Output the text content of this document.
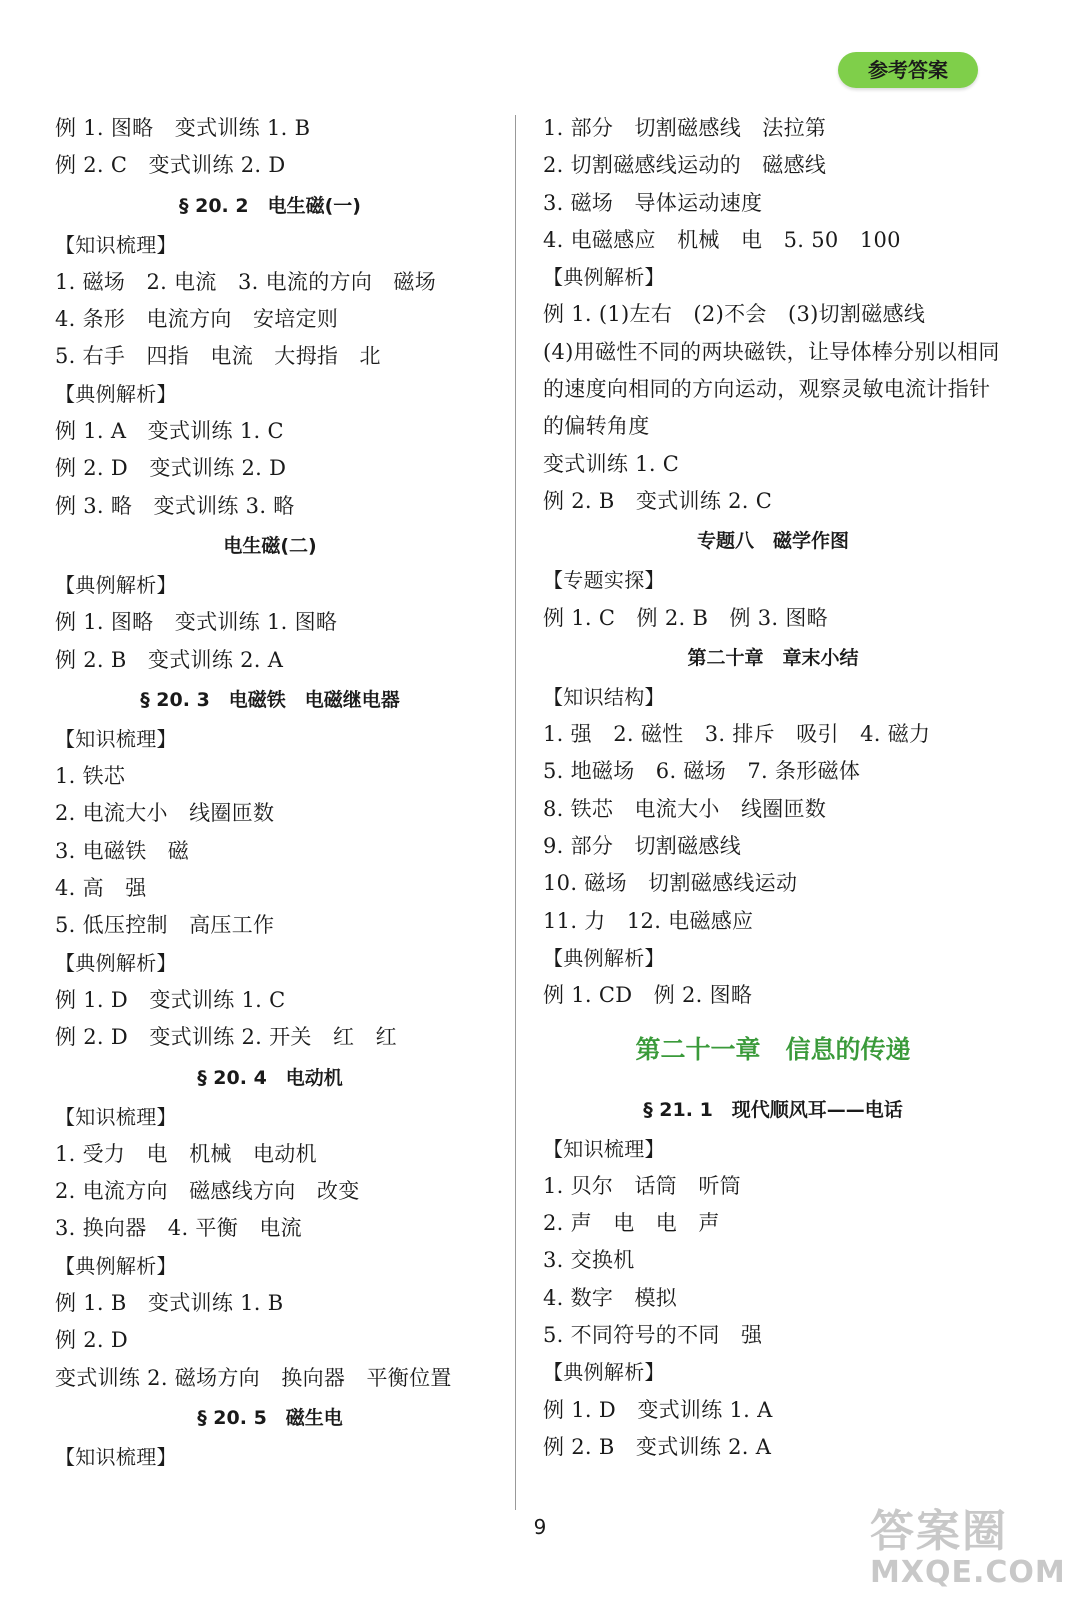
参考答案
例 1. 图略　变式训练 1. B
例 2. C　变式训练 2. D
§ 20. 2　电生磁(一)
【知识梳理】
1. 磁场　2. 电流　3. 电流的方向　磁场
4. 条形　电流方向　安培定则
5. 右手　四指　电流　大拇指　北
【典例解析】
例 1. A　变式训练 1. C
例 2. D　变式训练 2. D
例 3. 略　变式训练 3. 略
电生磁(二)
【典例解析】
例 1. 图略　变式训练 1. 图略
例 2. B　变式训练 2. A
§ 20. 3　电磁铁　电磁继电器
【知识梳理】
1. 铁芯
2. 电流大小　线圈匝数
3. 电磁铁　磁
4. 高　强
5. 低压控制　高压工作
【典例解析】
例 1. D　变式训练 1. C
例 2. D　变式训练 2. 开关　红　红
§ 20. 4　电动机
【知识梳理】
1. 受力　电　机械　电动机
2. 电流方向　磁感线方向　改变
3. 换向器　4. 平衡　电流
【典例解析】
例 1. B　变式训练 1. B
例 2. D
变式训练 2. 磁场方向　换向器　平衡位置
§ 20. 5　磁生电
【知识梳理】
1. 部分　切割磁感线　法拉第
2. 切割磁感线运动的　磁感线
3. 磁场　导体运动速度
4. 电磁感应　机械　电　5. 50　100
【典例解析】
例 1. (1)左右　(2)不会　(3)切割磁感线
(4)用磁性不同的两块磁铁，让导体棒分别以相同的速度向相同的方向运动，观察灵敏电流计指针的偏转角度
变式训练 1. C
例 2. B　变式训练 2. C
专题八　磁学作图
【专题实探】
例 1. C　例 2. B　例 3. 图略
第二十章　章末小结
【知识结构】
1. 强　2. 磁性　3. 排斥　吸引　4. 磁力
5. 地磁场　6. 磁场　7. 条形磁体
8. 铁芯　电流大小　线圈匝数
9. 部分　切割磁感线
10. 磁场　切割磁感线运动
11. 力　12. 电磁感应
【典例解析】
例 1. CD　例 2. 图略
第二十一章　信息的传递
§ 21. 1　现代顺风耳——电话
【知识梳理】
1. 贝尔　话筒　听筒
2. 声　电　电　声
3. 交换机
4. 数字　模拟
5. 不同符号的不同　强
【典例解析】
例 1. D　变式训练 1. A
例 2. B　变式训练 2. A
9	答案圈
MXQE.COM
